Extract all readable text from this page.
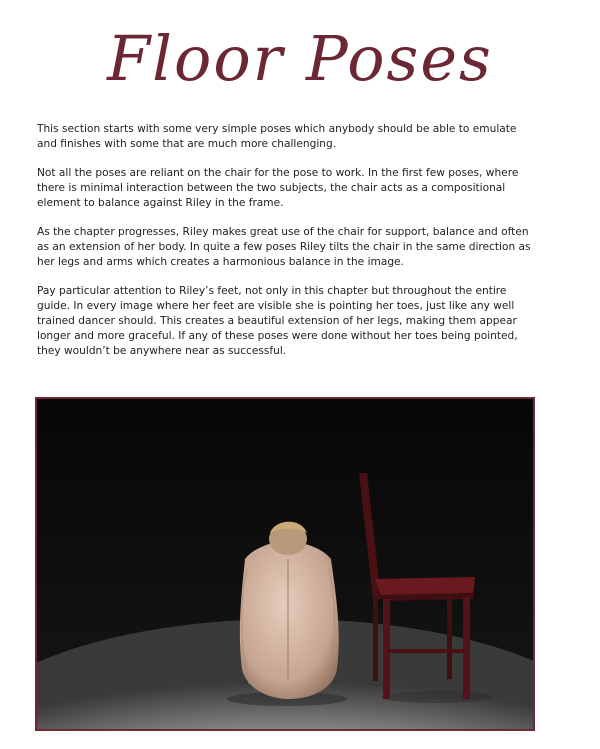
Floor Poses

This section starts with some very simple poses which anybody should be able to emulate and finishes with some that are much more challenging.

Not all the poses are reliant on the chair for the pose to work. In the first few poses, where there is minimal interaction between the two subjects, the chair acts as a compositional element to balance against Riley in the frame.

As the chapter progresses, Riley makes great use of the chair for support, balance and often as an extension of her body. In quite a few poses Riley tilts the chair in the same direction as her legs and arms which creates a harmonious balance in the image.

Pay particular attention to Riley’s feet, not only in this chapter but throughout the entire guide. In every image where her feet are visible she is pointing her toes, just like any well trained dancer should. This creates a beautiful extension of her legs, making them appear longer and more graceful. If any of these poses were done without her toes being pointed, they wouldn’t be anywhere near as successful.
